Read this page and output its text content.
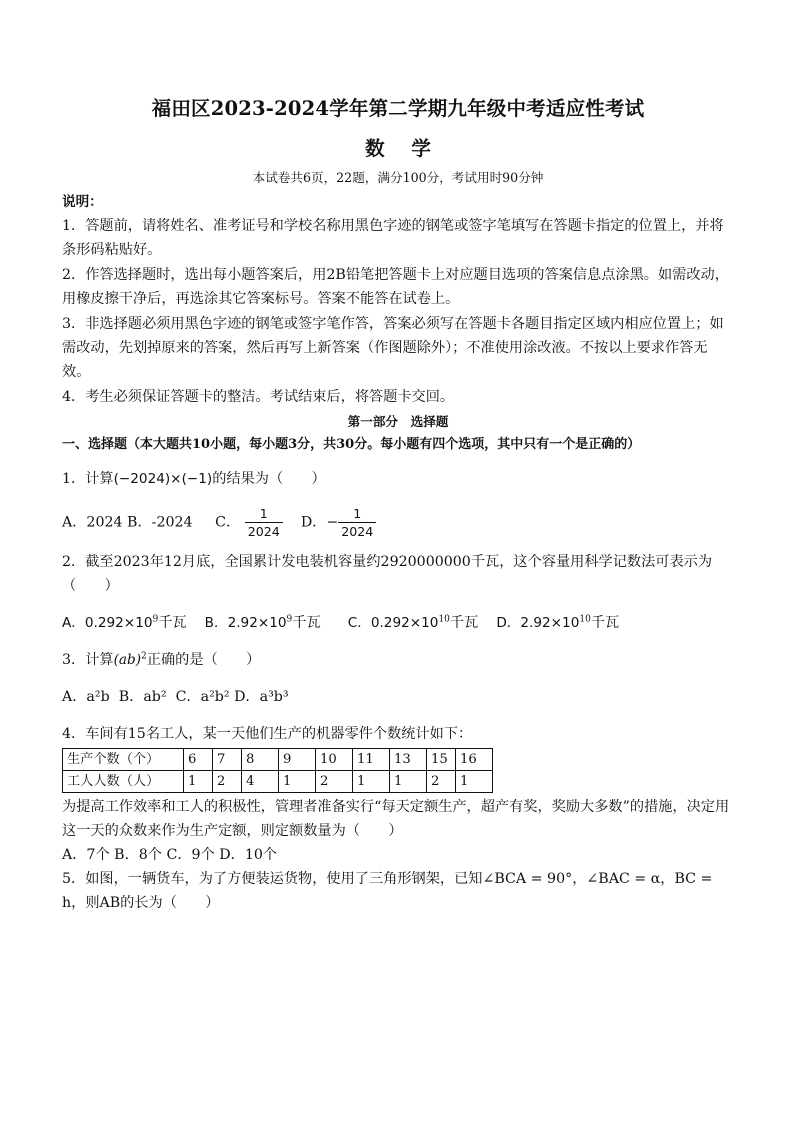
福田区2023-2024学年第二学期九年级中考适应性考试
数 学
本试卷共6页，22题，满分100分，考试用时90分钟
说明：

1．答题前，请将姓名、准考证号和学校名称用黑色字迹的钢笔或签字笔填写在答题卡指定的位置上，并将条形码粘贴好。

2．作答选择题时，选出每小题答案后，用2B铅笔把答题卡上对应题目选项的答案信息点涂黑。如需改动，用橡皮擦干净后，再选涂其它答案标号。答案不能答在试卷上。

3．非选择题必须用黑色字迹的钢笔或签字笔作答，答案必须写在答题卡各题目指定区域内相应位置上；如需改动，先划掉原来的答案，然后再写上新答案（作图题除外）；不准使用涂改液。不按以上要求作答无效。

4．考生必须保证答题卡的整洁。考试结束后，将答题卡交回。

第一部分　选择题
一、选择题（本大题共10小题，每小题3分，共30分。每小题有四个选项，其中只有一个是正确的）

1．计算(−2024)×(−1)的结果为（　　）

A．2024 B．-2024 C． $\frac{1}{2024}$ D．− $\frac{1}{2024}$

2．截至2023年12月底，全国累计发电装机容量约2920000000千瓦，这个容量用科学记数法可表示为（　　）

A．$0.292\times 10^9$千瓦 B．$2.92\times 10^9$千瓦 C．$0.292\times 10^{10}$千瓦 D．$2.92\times 10^{10}$千瓦

3．计算(ab)$^2$正确的是（　　）

A．a²b B．ab² C．a²b² D．a³b³

4．车间有15名工人，某一天他们生产的机器零件个数统计如下：

生产个数（个）	6	7	8	9	10	11	13	15	16
工人人数（人）	1	2	4	1	2	1	1	2	1

为提高工作效率和工人的积极性，管理者准备实行“每天定额生产，超产有奖，奖励大多数”的措施，决定用这一天的众数来作为生产定额，则定额数量为（　　）

A．7个 B．8个 C．9个 D．10个

5．如图，一辆货车，为了方便装运货物，使用了三角形钢架，已知∠BCA = 90°，∠BAC = α，BC = h，则AB的长为（　　）
